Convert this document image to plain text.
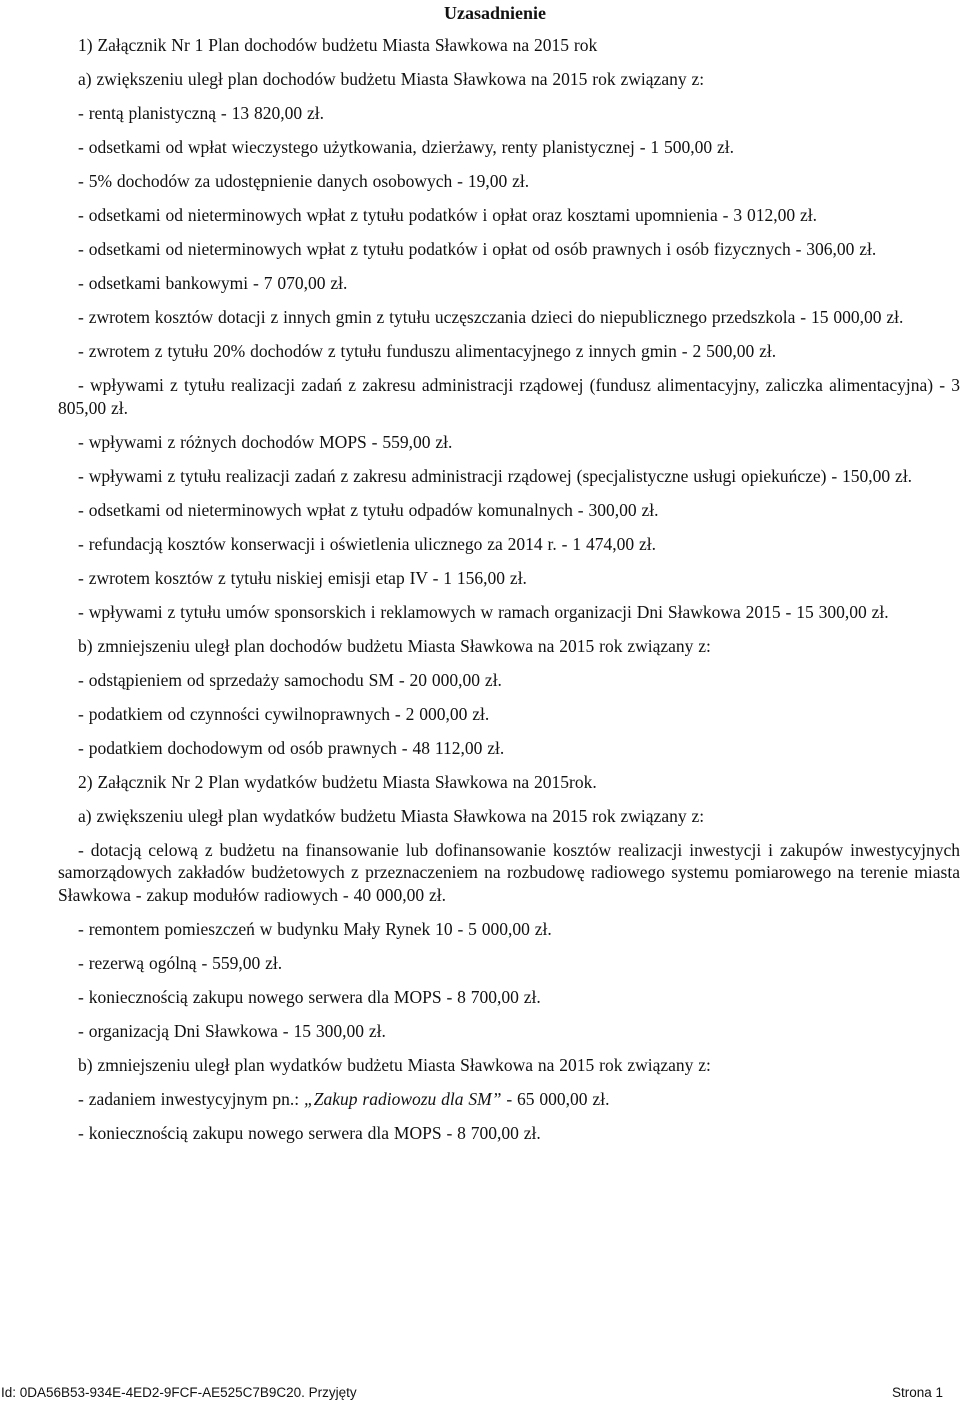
Uzasadnienie

1) Załącznik Nr 1 Plan dochodów budżetu Miasta Sławkowa na 2015 rok

a) zwiększeniu uległ plan dochodów budżetu Miasta Sławkowa na 2015 rok związany z:

- rentą planistyczną - 13 820,00 zł.

- odsetkami od wpłat wieczystego użytkowania, dzierżawy, renty planistycznej - 1 500,00 zł.

- 5% dochodów za udostępnienie danych osobowych - 19,00 zł.

- odsetkami od nieterminowych wpłat z tytułu podatków i opłat oraz kosztami upomnienia - 3 012,00 zł.

- odsetkami od nieterminowych wpłat z tytułu podatków i opłat od osób prawnych i osób fizycznych - 306,00 zł.

- odsetkami bankowymi - 7 070,00 zł.

- zwrotem kosztów dotacji z innych gmin z tytułu uczęszczania dzieci do niepublicznego przedszkola - 15 000,00 zł.

- zwrotem z tytułu 20% dochodów z tytułu funduszu alimentacyjnego z innych gmin - 2 500,00 zł.

- wpływami z tytułu realizacji zadań z zakresu administracji rządowej (fundusz alimentacyjny, zaliczka alimentacyjna) - 3 805,00 zł.

- wpływami z różnych dochodów MOPS - 559,00 zł.

- wpływami z tytułu realizacji zadań z zakresu administracji rządowej (specjalistyczne usługi opiekuńcze) - 150,00 zł.

- odsetkami od nieterminowych wpłat z tytułu odpadów komunalnych - 300,00 zł.

- refundacją kosztów konserwacji i oświetlenia ulicznego za 2014 r. - 1 474,00 zł.

- zwrotem kosztów z tytułu niskiej emisji etap IV - 1 156,00 zł.

- wpływami z tytułu umów sponsorskich i reklamowych w ramach organizacji Dni Sławkowa 2015 - 15 300,00 zł.

b) zmniejszeniu uległ plan dochodów budżetu Miasta Sławkowa na 2015 rok związany z:

- odstąpieniem od sprzedaży samochodu SM - 20 000,00 zł.

- podatkiem od czynności cywilnoprawnych - 2 000,00 zł.

- podatkiem dochodowym od osób prawnych - 48 112,00 zł.

2) Załącznik Nr 2 Plan wydatków budżetu Miasta Sławkowa na 2015rok.

a) zwiększeniu uległ plan wydatków budżetu Miasta Sławkowa na 2015 rok związany z:

- dotacją celową z budżetu na finansowanie lub dofinansowanie kosztów realizacji inwestycji i zakupów inwestycyjnych samorządowych zakładów budżetowych z przeznaczeniem na rozbudowę radiowego systemu pomiarowego na terenie miasta Sławkowa - zakup modułów radiowych - 40 000,00 zł.

- remontem pomieszczeń w budynku Mały Rynek 10 - 5 000,00 zł.

- rezerwą ogólną - 559,00 zł.

- koniecznością zakupu nowego serwera dla MOPS - 8 700,00 zł.

- organizacją Dni Sławkowa - 15 300,00 zł.

b) zmniejszeniu uległ plan wydatków budżetu Miasta Sławkowa na 2015 rok związany z:

- zadaniem inwestycyjnym pn.: „Zakup radiowozu dla SM” - 65 000,00 zł.

- koniecznością zakupu nowego serwera dla MOPS - 8 700,00 zł.

Id: 0DA56B53-934E-4ED2-9FCF-AE525C7B9C20. Przyjęty	Strona 1
